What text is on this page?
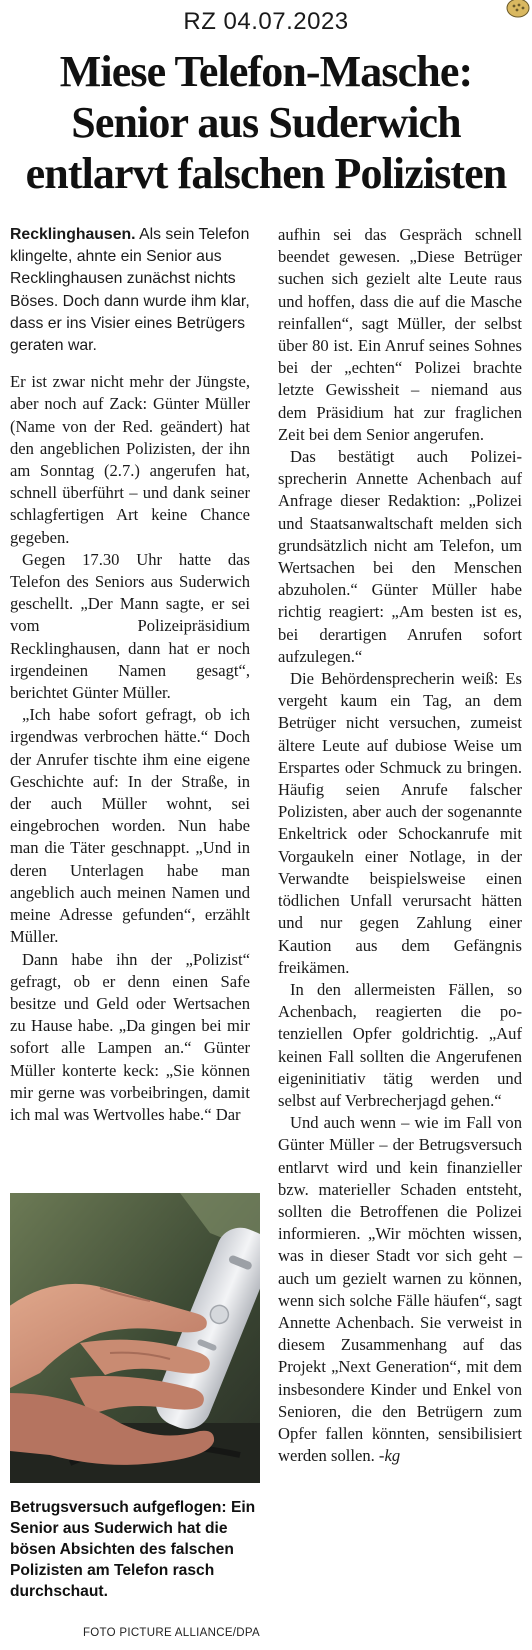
RZ 04.07.2023
Miese Telefon-Masche: Senior aus Suderwich entlarvt falschen Polizisten

Recklinghausen. Als sein Telefon klingelte, ahnte ein Senior aus Recklinghausen zunächst nichts Böses. Doch dann wurde ihm klar, dass er ins Visier eines Betrügers geraten war.

Er ist zwar nicht mehr der Jüngste, aber noch auf Zack: Günter Müller (Name von der Red. geändert) hat den angeblichen Polizisten, der ihn am Sonntag (2.7.) angerufen hat, schnell überführt – und dank seiner schlagfertigen Art keine Chance gegeben.

Gegen 17.30 Uhr hatte das Telefon des Seniors aus Suderwich geschellt. „Der Mann sagte, er sei vom Polizeipräsidium Recklinghausen, dann hat er noch irgendeinen Namen gesagt“, berichtet Günter Müller.

„Ich habe sofort gefragt, ob ich irgendwas verbrochen hätte.“ Doch der Anrufer tischte ihm eine eigene Geschichte auf: In der Straße, in der auch Müller wohnt, sei eingebrochen worden. Nun habe man die Täter geschnappt. „Und in deren Unterlagen habe man angeblich auch meinen Namen und meine Adresse gefunden“, erzählt Müller.

Dann habe ihn der „Polizist“ gefragt, ob er denn einen Safe besitze und Geld oder Wertsachen zu Hause habe. „Da gingen bei mir sofort alle Lampen an.“ Günter Müller konterte keck: „Sie können mir gerne was vorbeibringen, damit ich mal was Wertvolles habe.“ Dar

Betrugsversuch aufgeflogen: Ein Senior aus Suderwich hat die bösen Absichten des falschen Polizisten am Telefon rasch durchschaut.

FOTO PICTURE ALLIANCE/DPA

aufhin sei das Gespräch schnell beendet gewesen. „Diese Betrüger suchen sich gezielt alte Leute raus und hoffen, dass die auf die Masche reinfallen“, sagt Müller, der selbst über 80 ist. Ein Anruf seines Sohnes bei der „echten“ Polizei brachte letzte Gewissheit – niemand aus dem Präsidium hat zur fraglichen Zeit bei dem Senior angerufen.

Das bestätigt auch Polizeisprecherin Annette Achenbach auf Anfrage dieser Redaktion: „Polizei und Staatsanwaltschaft melden sich grundsätzlich nicht am Telefon, um Wertsachen bei den Menschen abzuholen.“ Günter Müller habe richtig reagiert: „Am besten ist es, bei derartigen Anrufen sofort aufzulegen.“

Die Behördensprecherin weiß: Es vergeht kaum ein Tag, an dem Betrüger nicht versuchen, zumeist ältere Leute auf dubiose Weise um Erspartes oder Schmuck zu bringen. Häufig seien Anrufe falscher Polizisten, aber auch der sogenannte Enkeltrick oder Schockanrufe mit Vorgaukeln einer Notlage, in der Verwandte beispielsweise einen tödlichen Unfall verursacht hätten und nur gegen Zahlung einer Kaution aus dem Gefängnis freikämen.

In den allermeisten Fällen, so Achenbach, reagierten die potenziellen Opfer goldrichtig. „Auf keinen Fall sollten die Angerufenen eigeninitiativ tätig werden und selbst auf Verbrecherjagd gehen.“

Und auch wenn – wie im Fall von Günter Müller – der Betrugsversuch entlarvt wird und kein finanzieller bzw. materieller Schaden entsteht, sollten die Betroffenen die Polizei informieren. „Wir möchten wissen, was in dieser Stadt vor sich geht – auch um gezielt warnen zu können, wenn sich solche Fälle häufen“, sagt Annette Achenbach. Sie verweist in diesem Zusammenhang auf das Projekt „Next Generation“, mit dem insbesondere Kinder und Enkel von Senioren, die den Betrügern zum Opfer fallen könnten, sensibilisiert werden sollen. -kg
